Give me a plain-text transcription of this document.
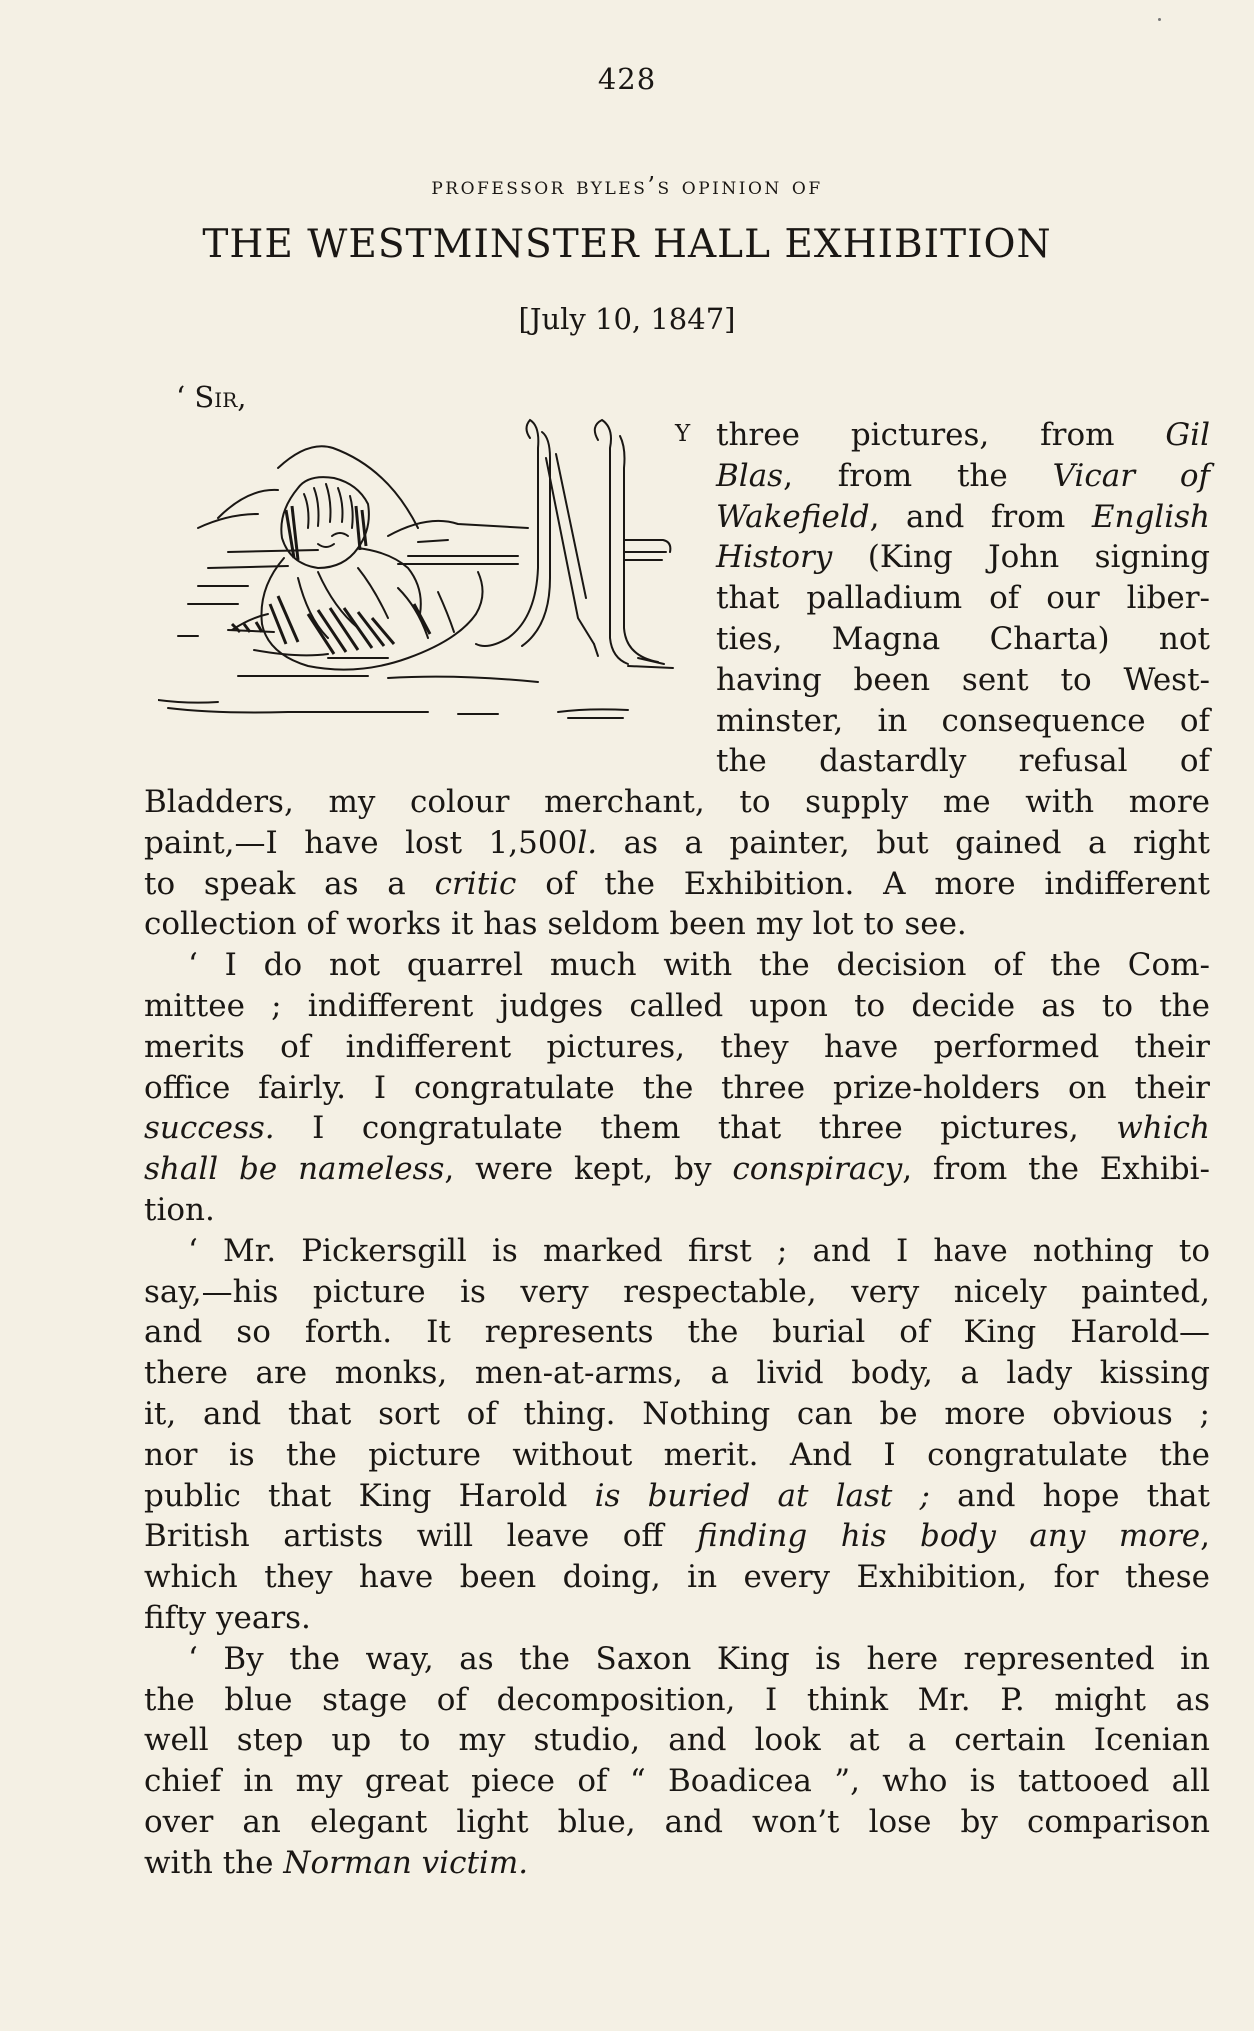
428
professor byles’s opinion of
THE WESTMINSTER HALL EXHIBITION
[July 10, 1847]
‘ Sir,
Y three pictures, from Gil
Blas, from the Vicar of
Wakefield, and from English
History (King John signing
that palladium of our liber-
ties, Magna Charta) not
having been sent to West-
minster, in consequence of
the dastardly refusal of
Bladders, my colour merchant, to supply me with more
paint,—I have lost 1,500l. as a painter, but gained a right
to speak as a critic of the Exhibition. A more indifferent
collection of works it has seldom been my lot to see.
‘ I do not quarrel much with the decision of the Com-
mittee ; indifferent judges called upon to decide as to the
merits of indifferent pictures, they have performed their
office fairly. I congratulate the three prize-holders on their
success. I congratulate them that three pictures, which
shall be nameless, were kept, by conspiracy, from the Exhibi-
tion.
‘ Mr. Pickersgill is marked first ; and I have nothing to
say,—his picture is very respectable, very nicely painted,
and so forth. It represents the burial of King Harold—
there are monks, men-at-arms, a livid body, a lady kissing
it, and that sort of thing. Nothing can be more obvious ;
nor is the picture without merit. And I congratulate the
public that King Harold is buried at last ; and hope that
British artists will leave off finding his body any more,
which they have been doing, in every Exhibition, for these
fifty years.
‘ By the way, as the Saxon King is here represented in
the blue stage of decomposition, I think Mr. P. might as
well step up to my studio, and look at a certain Icenian
chief in my great piece of “ Boadicea ”, who is tattooed all
over an elegant light blue, and won’t lose by comparison
with the Norman victim.
